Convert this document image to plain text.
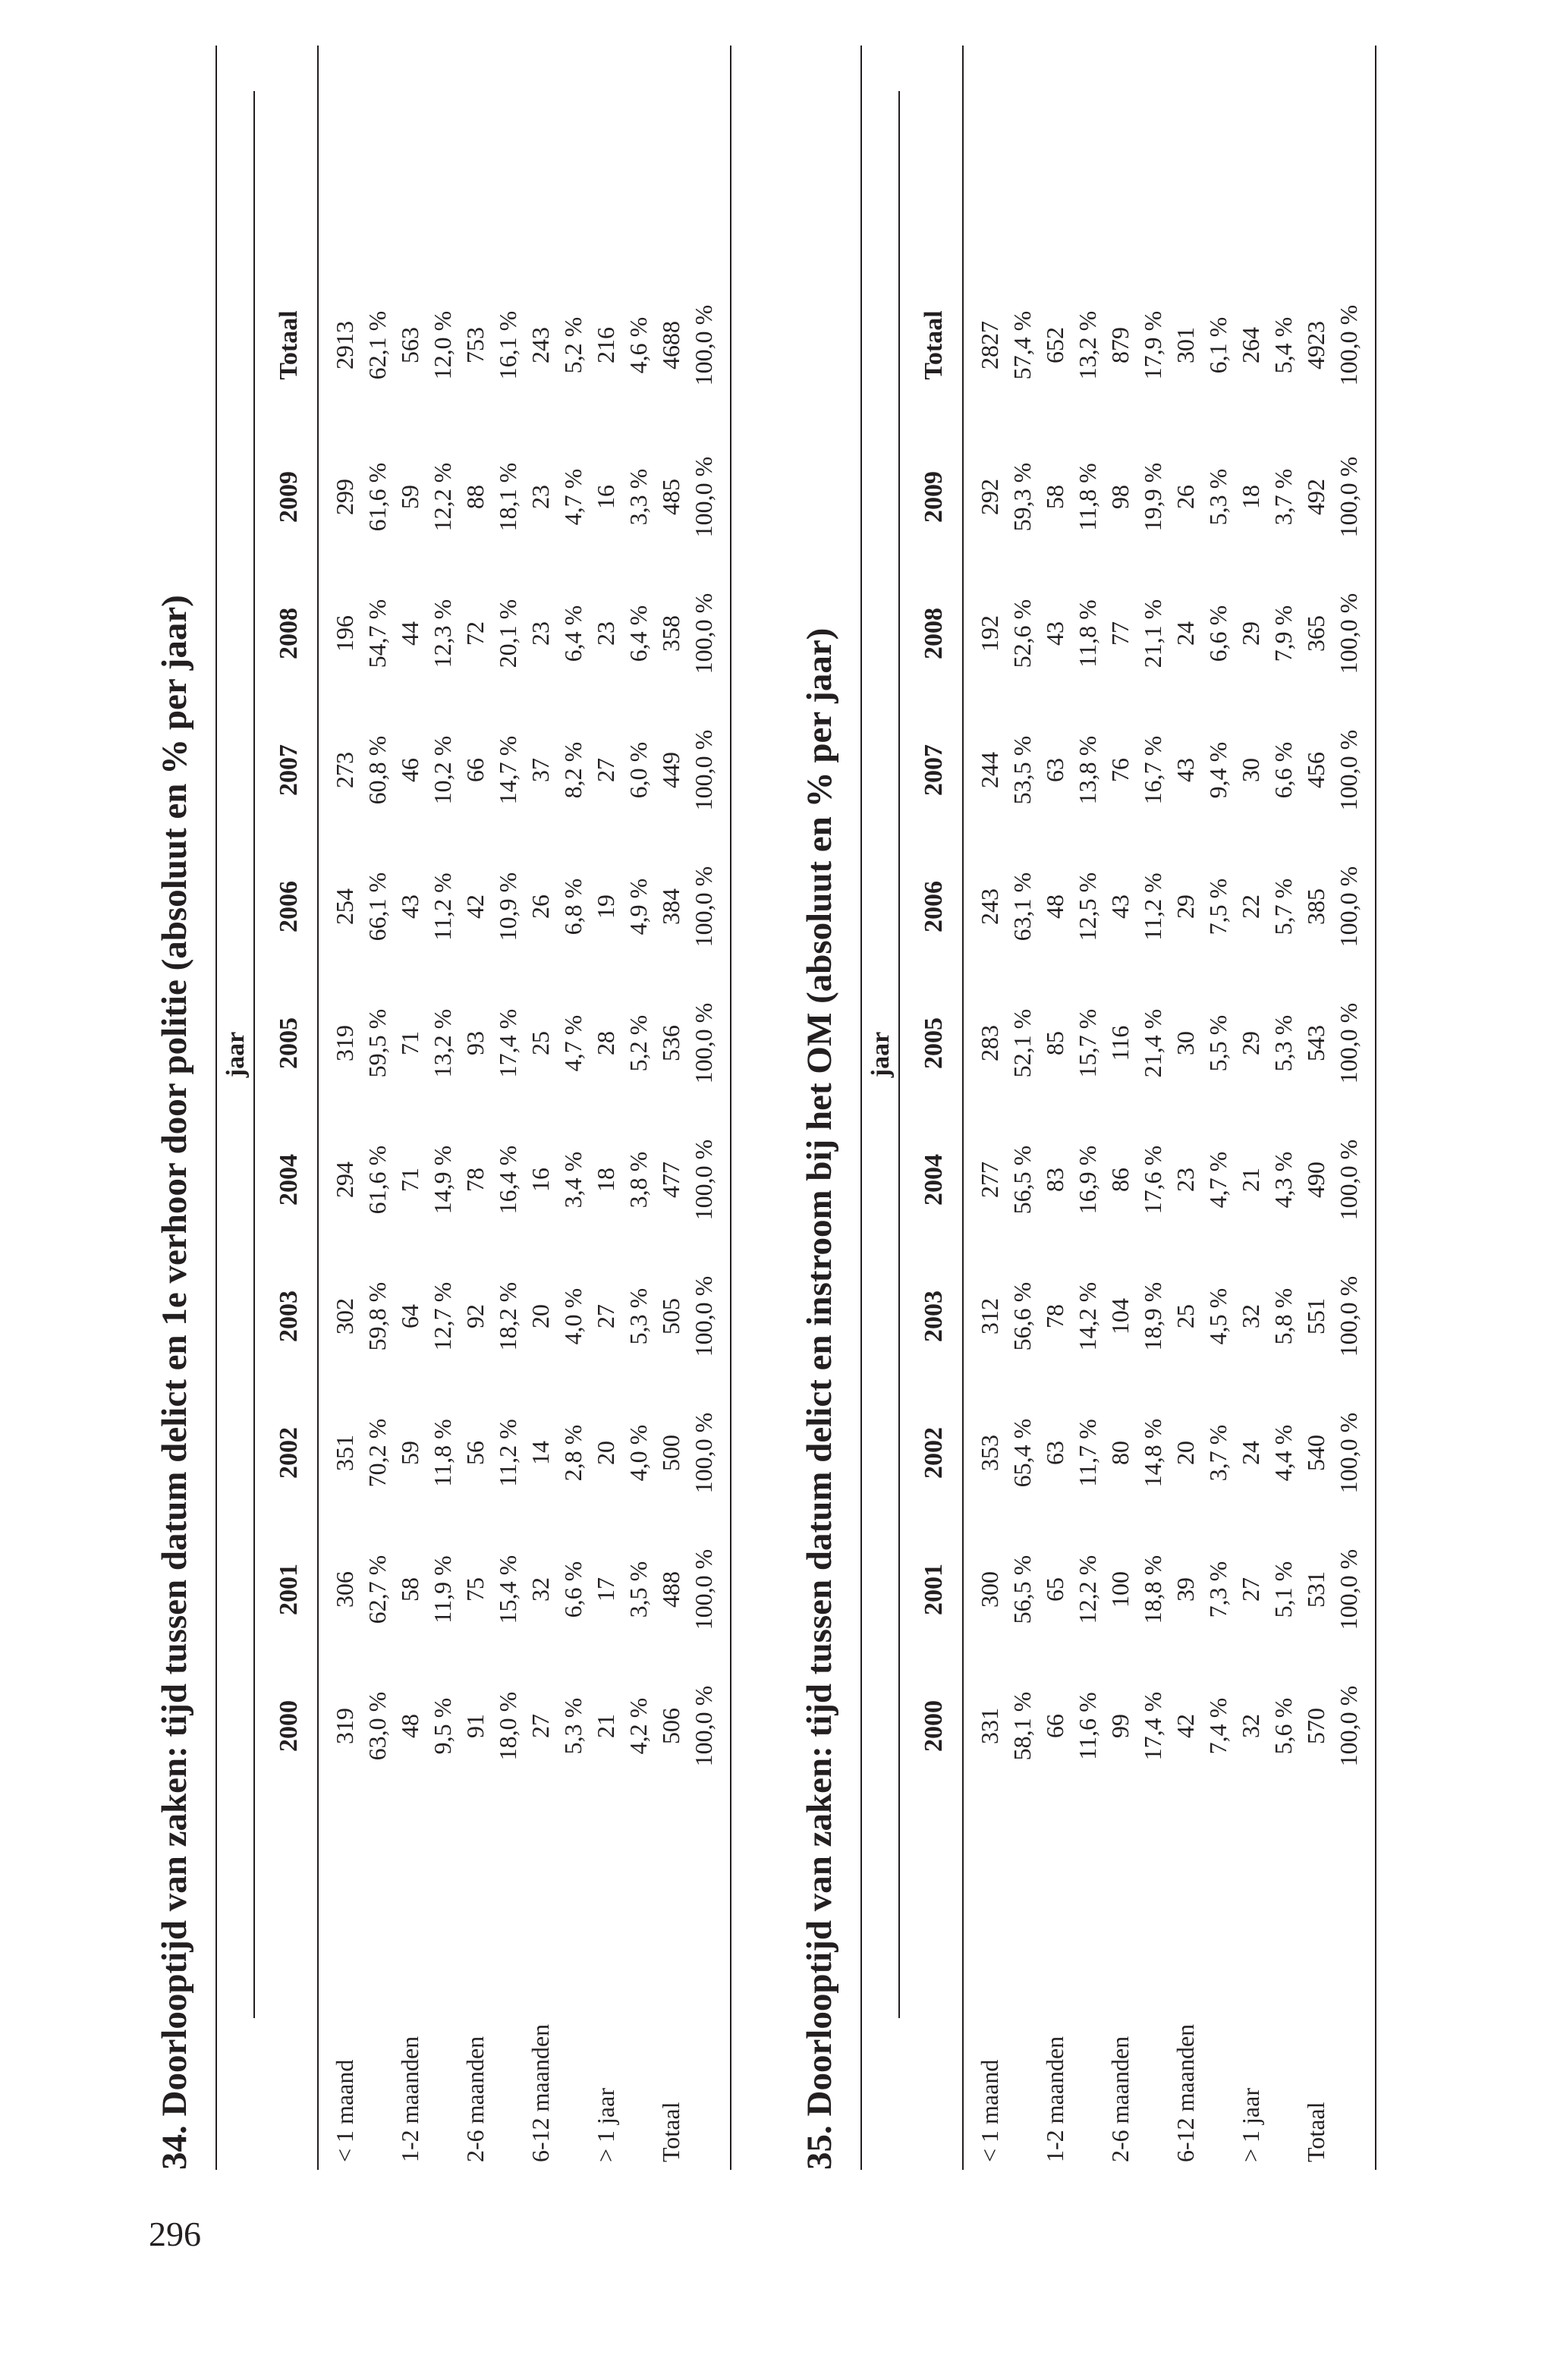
296
34. Doorlooptijd van zaken: tijd tussen datum delict en 1e verhoor door politie (absoluut en % per jaar) jaar
2000
2001
2002
2003
2004
2005
2006
2007
2008
2009
Totaal
< 1 maand
319
306
351
302
294
319
254
273
196
299
2913
63,0 %
62,7 %
70,2 %
59,8 %
61,6 %
59,5 %
66,1 %
60,8 %
54,7 %
61,6 %
62,1 %
1-2 maanden
48
58
59
64
71
71
43
46
44
59
563
9,5 %
11,9 %
11,8 %
12,7 %
14,9 %
13,2 %
11,2 %
10,2 %
12,3 %
12,2 %
12,0 %
2-6 maanden
91
75
56
92
78
93
42
66
72
88
753
18,0 %
15,4 %
11,2 %
18,2 %
16,4 %
17,4 %
10,9 %
14,7 %
20,1 %
18,1 %
16,1 %
6-12 maanden
27
32
14
20
16
25
26
37
23
23
243
5,3 %
6,6 %
2,8 %
4,0 %
3,4 %
4,7 %
6,8 %
8,2 %
6,4 %
4,7 %
5,2 %
> 1 jaar
21
17
20
27
18
28
19
27
23
16
216
4,2 %
3,5 %
4,0 %
5,3 %
3,8 %
5,2 %
4,9 %
6,0 %
6,4 %
3,3 %
4,6 %
Totaal
506
488
500
505
477
536
384
449
358
485
4688
100,0 %
100,0 %
100,0 %
100,0 %
100,0 %
100,0 %
100,0 %
100,0 %
100,0 %
100,0 %
100,0 %
35. Doorlooptijd van zaken: tijd tussen datum delict en instroom bij het OM (absoluut en % per jaar) jaar
2000
2001
2002
2003
2004
2005
2006
2007
2008
2009
Totaal
< 1 maand
331
300
353
312
277
283
243
244
192
292
2827
58,1 %
56,5 %
65,4 %
56,6 %
56,5 %
52,1 %
63,1 %
53,5 %
52,6 %
59,3 %
57,4 %
1-2 maanden
66
65
63
78
83
85
48
63
43
58
652
11,6 %
12,2 %
11,7 %
14,2 %
16,9 %
15,7 %
12,5 %
13,8 %
11,8 %
11,8 %
13,2 %
2-6 maanden
99
100
80
104
86
116
43
76
77
98
879
17,4 %
18,8 %
14,8 %
18,9 %
17,6 %
21,4 %
11,2 %
16,7 %
21,1 %
19,9 %
17,9 %
6-12 maanden
42
39
20
25
23
30
29
43
24
26
301
7,4 %
7,3 %
3,7 %
4,5 %
4,7 %
5,5 %
7,5 %
9,4 %
6,6 %
5,3 %
6,1 %
> 1 jaar
32
27
24
32
21
29
22
30
29
18
264
5,6 %
5,1 %
4,4 %
5,8 %
4,3 %
5,3 %
5,7 %
6,6 %
7,9 %
3,7 %
5,4 %
Totaal
570
531
540
551
490
543
385
456
365
492
4923
100,0 %
100,0 %
100,0 %
100,0 %
100,0 %
100,0 %
100,0 %
100,0 %
100,0 %
100,0 %
100,0 %
